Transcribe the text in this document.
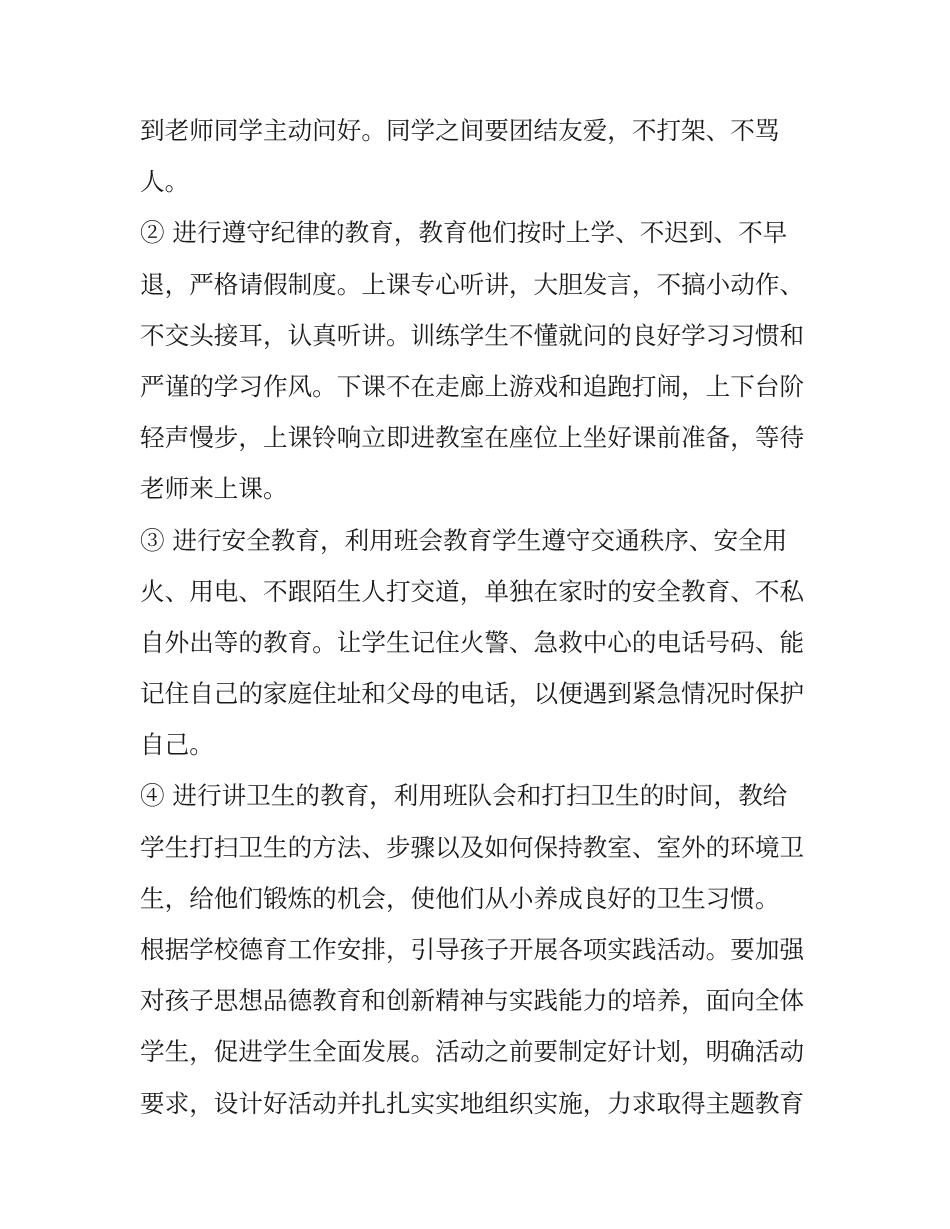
到老师同学主动问好。同学之间要团结友爱，不打架、不骂
人。
② 进行遵守纪律的教育，教育他们按时上学、不迟到、不早
退，严格请假制度。上课专心听讲，大胆发言，不搞小动作、
不交头接耳，认真听讲。训练学生不懂就问的良好学习习惯和
严谨的学习作风。下课不在走廊上游戏和追跑打闹，上下台阶
轻声慢步，上课铃响立即进教室在座位上坐好课前准备，等待
老师来上课。
③ 进行安全教育，利用班会教育学生遵守交通秩序、安全用
火、用电、不跟陌生人打交道，单独在家时的安全教育、不私
自外出等的教育。让学生记住火警、急救中心的电话号码、能
记住自己的家庭住址和父母的电话，以便遇到紧急情况时保护
自己。
④ 进行讲卫生的教育，利用班队会和打扫卫生的时间，教给
学生打扫卫生的方法、步骤以及如何保持教室、室外的环境卫
生，给他们锻炼的机会，使他们从小养成良好的卫生习惯。
根据学校德育工作安排，引导孩子开展各项实践活动。要加强
对孩子思想品德教育和创新精神与实践能力的培养，面向全体
学生，促进学生全面发展。活动之前要制定好计划，明确活动
要求，设计好活动并扎扎实实地组织实施，力求取得主题教育
